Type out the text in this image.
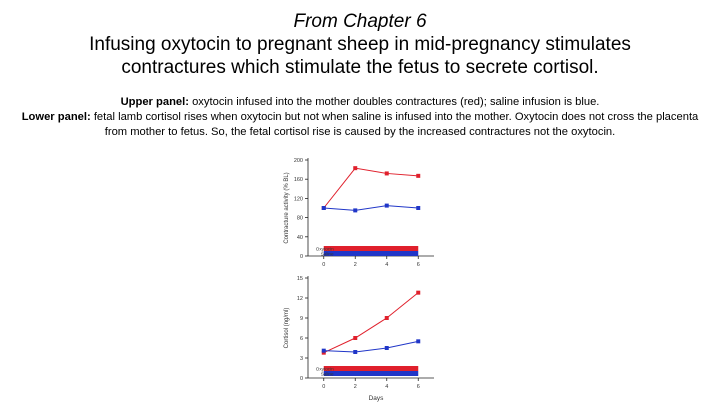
From Chapter 6
Infusing oxytocin to pregnant sheep in mid-pregnancy stimulates
contractures which stimulate the fetus to secrete cortisol.
Upper panel: oxytocin infused into the mother doubles contractures (red); saline infusion is blue.
Lower panel: fetal lamb cortisol rises when oxytocin but not when saline is infused into the mother. Oxytocin does not cross the placenta from mother to fetus. So, the fetal cortisol rise is caused by the increased contractures not the oxytocin.
0
40
80
120
160
200
0	2	4	6
Contracture activity (% BL)
Oxytocin
Saline
0
3
6
9
12
15
0	2	4	6
Cortisol (ng/ml)
Days
Oxytocin
Saline
